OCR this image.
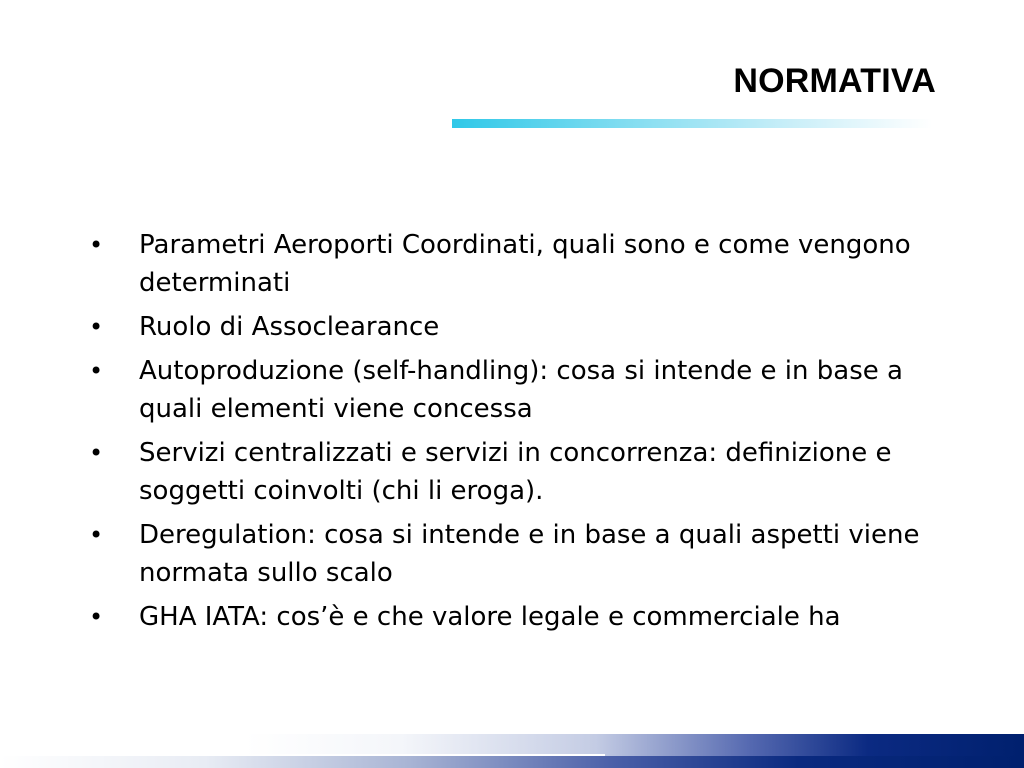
NORMATIVA
• Parametri Aeroporti Coordinati, quali sono e come vengono determinati
• Ruolo di Assoclearance
• Autoproduzione (self-handling): cosa si intende e in base a quali elementi viene concessa
• Servizi centralizzati e servizi in concorrenza: definizione e soggetti coinvolti (chi li eroga).
• Deregulation: cosa si intende e in base a quali aspetti viene normata sullo scalo
• GHA IATA: cos’è e che valore legale e commerciale ha
